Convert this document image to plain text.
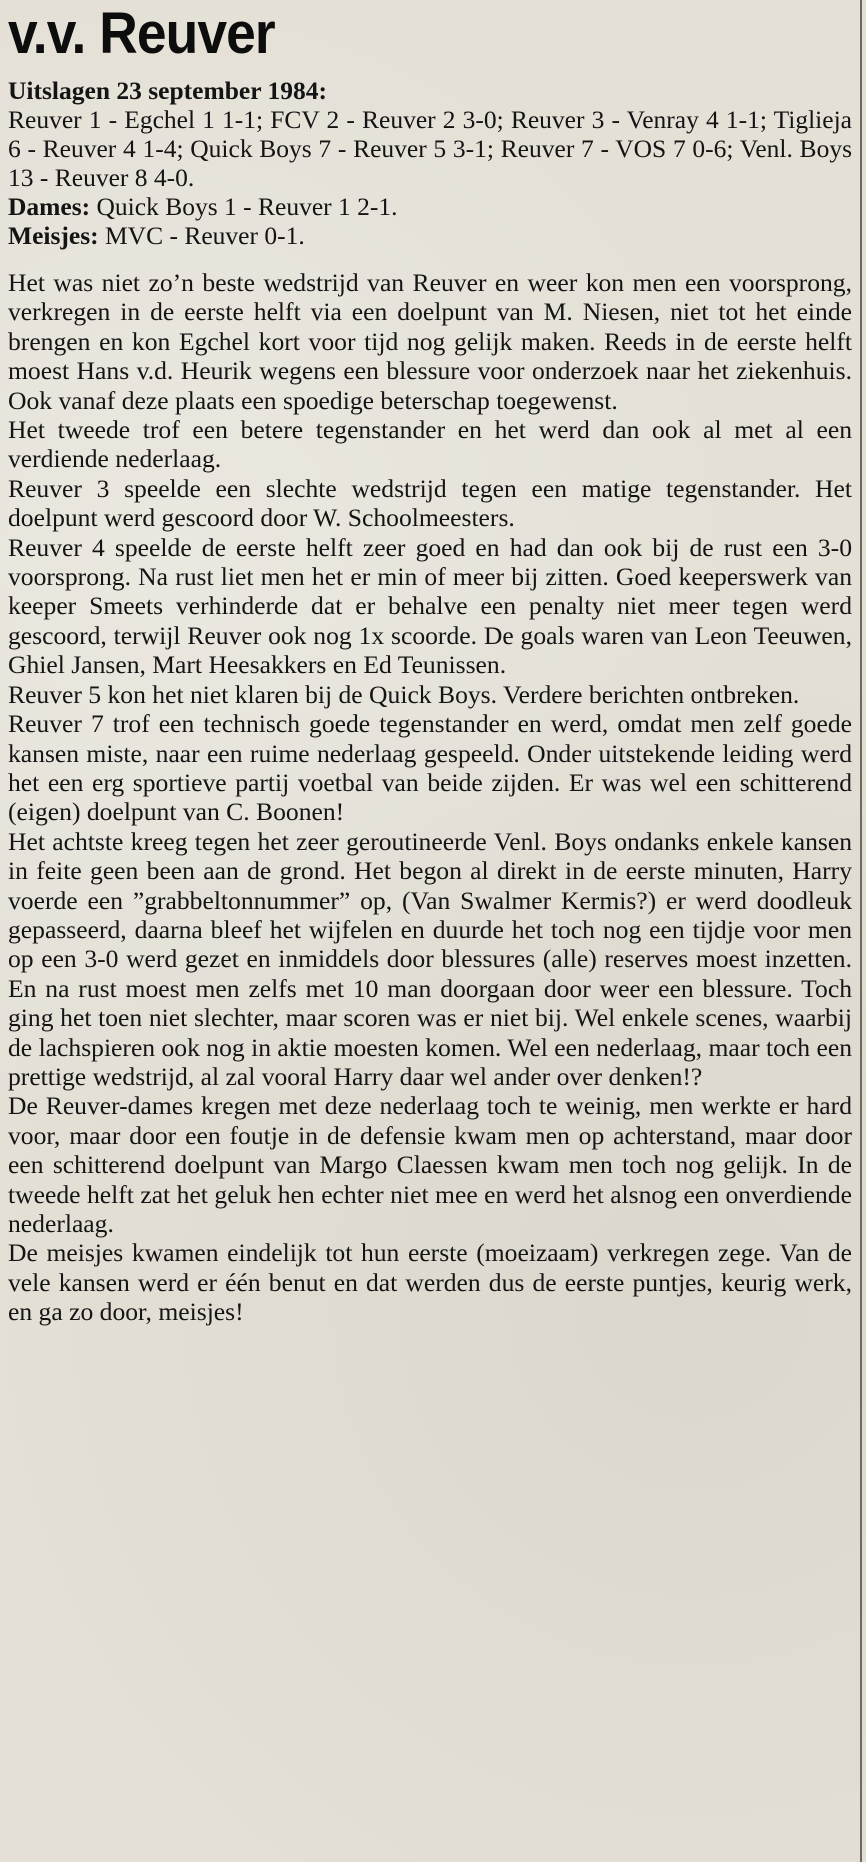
v.v. Reuver
Uitslagen 23 september 1984:
Reuver 1 - Egchel 1 1-1; FCV 2 - Reuver 2 3-0; Reuver 3 - Venray 4 1-1; Tiglieja 6 - Reuver 4 1-4; Quick Boys 7 - Reuver 5 3-1; Reuver 7 - VOS 7 0-6; Venl. Boys 13 - Reuver 8 4-0.
Dames: Quick Boys 1 - Reuver 1 2-1.
Meisjes: MVC - Reuver 0-1.

Het was niet zo’n beste wedstrijd van Reuver en weer kon men een voorsprong, verkregen in de eerste helft via een doelpunt van M. Niesen, niet tot het einde brengen en kon Egchel kort voor tijd nog gelijk maken. Reeds in de eerste helft moest Hans v.d. Heurik wegens een blessure voor onderzoek naar het ziekenhuis. Ook vanaf deze plaats een spoedige beterschap toegewenst.

Het tweede trof een betere tegenstander en het werd dan ook al met al een verdiende nederlaag.

Reuver 3 speelde een slechte wedstrijd tegen een matige tegenstander. Het doelpunt werd gescoord door W. Schoolmeesters.

Reuver 4 speelde de eerste helft zeer goed en had dan ook bij de rust een 3-0 voorsprong. Na rust liet men het er min of meer bij zitten. Goed keeperswerk van keeper Smeets verhinderde dat er behalve een penalty niet meer tegen werd gescoord, terwijl Reuver ook nog 1x scoorde. De goals waren van Leon Teeuwen, Ghiel Jansen, Mart Heesakkers en Ed Teunissen.

Reuver 5 kon het niet klaren bij de Quick Boys. Verdere berichten ontbreken.

Reuver 7 trof een technisch goede tegenstander en werd, omdat men zelf goede kansen miste, naar een ruime nederlaag gespeeld. Onder uitstekende leiding werd het een erg sportieve partij voetbal van beide zijden. Er was wel een schitterend (eigen) doelpunt van C. Boonen!

Het achtste kreeg tegen het zeer geroutineerde Venl. Boys ondanks enkele kansen in feite geen been aan de grond. Het begon al direkt in de eerste minuten, Harry voerde een ”grabbeltonnummer” op, (Van Swalmer Kermis?) er werd doodleuk gepasseerd, daarna bleef het wijfelen en duurde het toch nog een tijdje voor men op een 3-0 werd gezet en inmiddels door blessures (alle) reserves moest inzetten. En na rust moest men zelfs met 10 man doorgaan door weer een blessure. Toch ging het toen niet slechter, maar scoren was er niet bij. Wel enkele scenes, waarbij de lachspieren ook nog in aktie moesten komen. Wel een nederlaag, maar toch een prettige wedstrijd, al zal vooral Harry daar wel ander over denken!?

De Reuver-dames kregen met deze nederlaag toch te weinig, men werkte er hard voor, maar door een foutje in de defensie kwam men op achterstand, maar door een schitterend doelpunt van Margo Claessen kwam men toch nog gelijk. In de tweede helft zat het geluk hen echter niet mee en werd het alsnog een onverdiende nederlaag.

De meisjes kwamen eindelijk tot hun eerste (moeizaam) verkregen zege. Van de vele kansen werd er één benut en dat werden dus de eerste puntjes, keurig werk, en ga zo door, meisjes!
